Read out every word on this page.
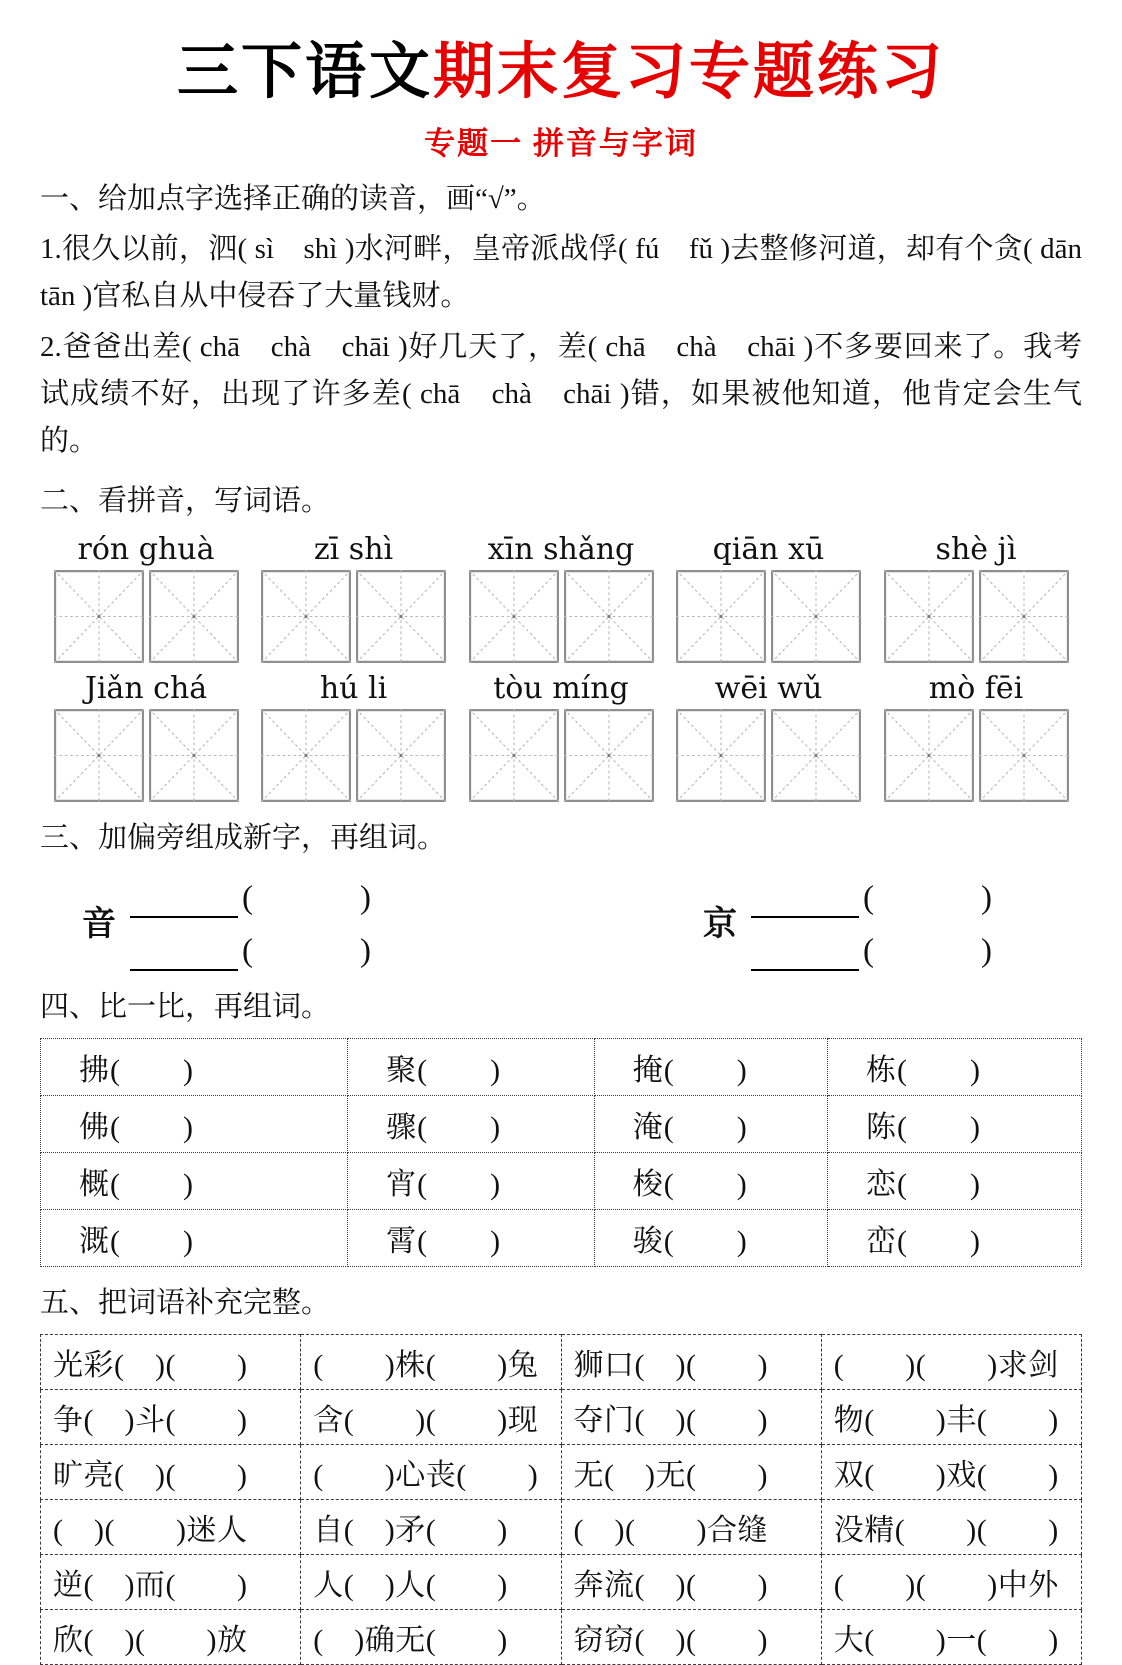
三下语文期末复习专题练习
专题一 拼音与字词
一、给加点字选择正确的读音，画“√”。
1.很久以前，泗( sì　shì )水河畔，皇帝派战俘( fú　fǔ )去整修河道，却有个贪( dān　tān )官私自从中侵吞了大量钱财。
2.爸爸出差( chā　chà　chāi )好几天了，差( chā　chà　chāi )不多要回来了。我考试成绩不好，出现了许多差( chā　chà　chāi )错，如果被他知道，他肯定会生气的。
二、看拼音，写词语。
rón ghuà	zī shì	xīn shǎng	qiān xū	shè jì
Jiǎn chá	hú li	tòu míng	wēi wǔ	mò fēi
三、加偏旁组成新字，再组词。
音
(　　　)
(　　　)
京
(　　　)
(　　　)
四、比一比，再组词。
拂(　　)	聚(　　)	掩(　　)	栋(　　)
佛(　　)	骤(　　)	淹(　　)	陈(　　)
概(　　)	宵(　　)	梭(　　)	恋(　　)
溉(　　)	霄(　　)	骏(　　)	峦(　　)
五、把词语补充完整。
光彩(　)(　　)	(　　)株(　　)兔	狮口(　)(　　)	(　　)(　　)求剑
争(　)斗(　　)	含(　　)(　　)现	夺门(　)(　　)	物(　　)丰(　　)
旷亮(　)(　　)	(　　)心丧(　　)	无(　)无(　　)	双(　　)戏(　　)
(　)(　　)迷人	自(　)矛(　　)	(　)(　　)合缝	没精(　　)(　　)
逆(　)而(　　)	人(　)人(　　)	奔流(　)(　　)	(　　)(　　)中外
欣(　)(　　)放	(　)确无(　　)	窃窃(　)(　　)	大(　　)一(　　)
